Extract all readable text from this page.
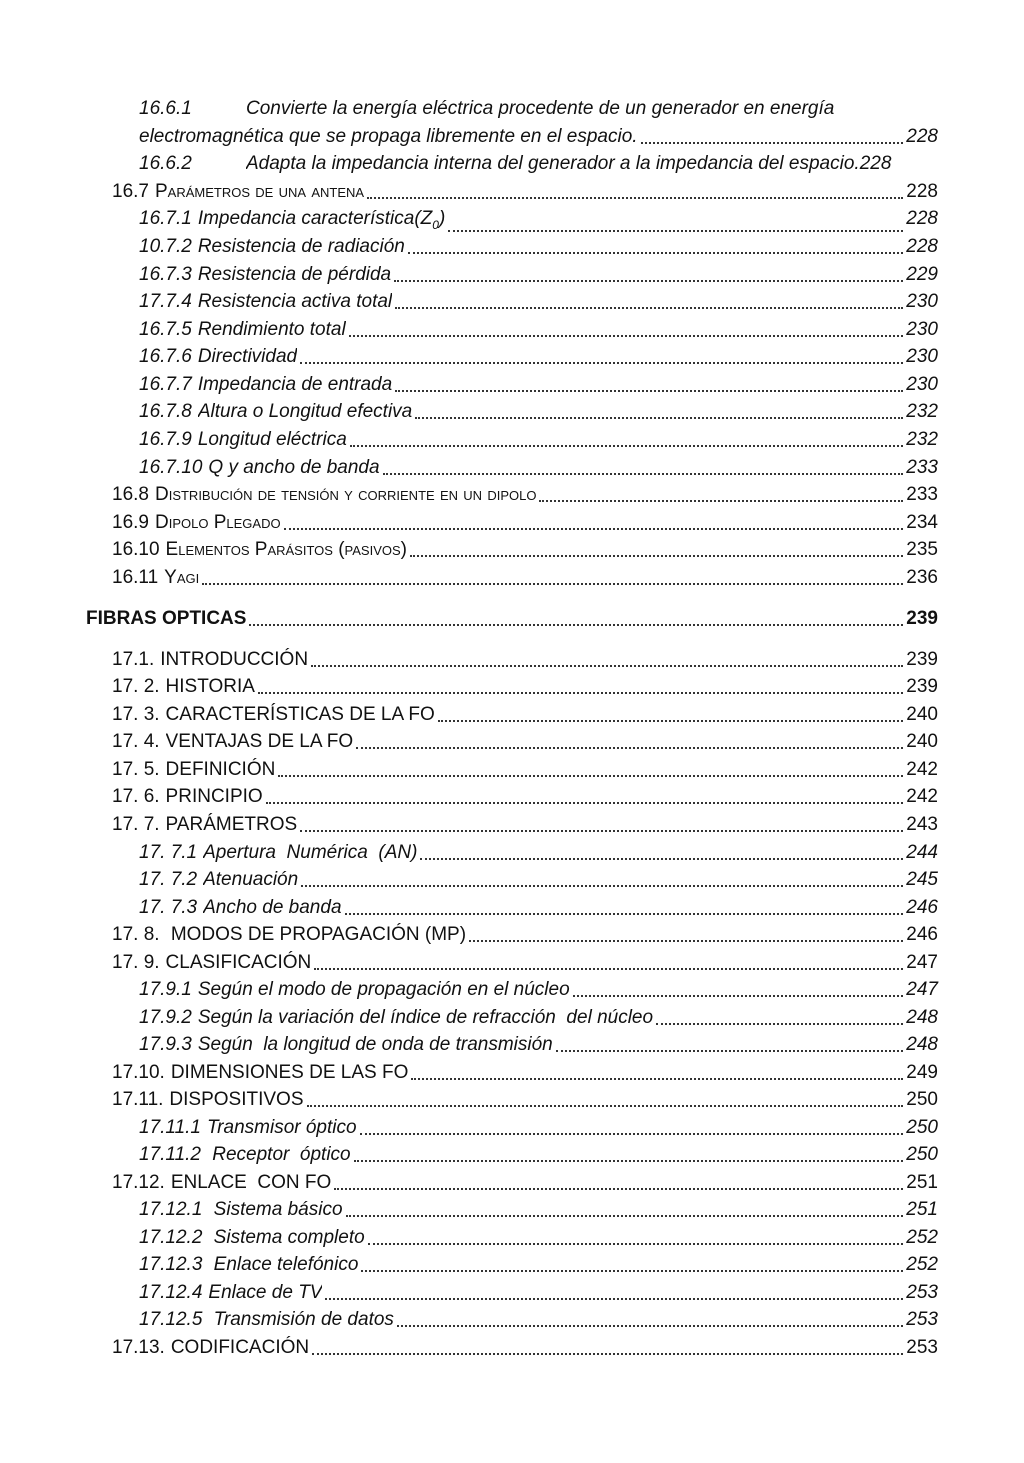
16.6.1	Convierte la energía eléctrica procedente de un generador en energía
electromagnética que se propaga libremente en el espacio.	228
16.6.2	Adapta la impedancia interna del generador a la impedancia del espacio. 228
16.7 Parámetros de una antena	228
16.7.1 Impedancia $característica(Z_0)$	228
10.7.2 Resistencia de radiación	228
16.7.3 Resistencia de pérdida	229
17.7.4 Resistencia activa total	230
16.7.5 Rendimiento total	230
16.7.6 Directividad	230
16.7.7 Impedancia de entrada	230
16.7.8 Altura o Longitud efectiva	232
16.7.9 Longitud eléctrica	232
16.7.10 Q y ancho de banda	233
16.8 Distribución de tensión y corriente en un dipolo	233
16.9 Dipolo Plegado	234
16.10 Elementos Parásitos (pasivos)	235
16.11 Yagi	236
FIBRAS OPTICAS	239
17.1. INTRODUCCIÓN	239
17. 2. HISTORIA	239
17. 3. CARACTERÍSTICAS DE LA FO	240
17. 4. VENTAJAS DE LA FO	240
17. 5. DEFINICIÓN	242
17. 6. PRINCIPIO	242
17. 7. PARÁMETROS	243
17. 7.1 Apertura  Numérica  (AN)	244
17. 7.2 Atenuación	245
17. 7.3 Ancho de banda	246
17. 8. MODOS DE PROPAGACIÓN (MP)	246
17. 9. CLASIFICACIÓN	247
17.9.1 Según el modo de propagación en el núcleo	247
17.9.2 Según la variación del índice de refracción  del núcleo	248
17.9.3 Según  la longitud de onda de transmisión	248
17.10. DIMENSIONES DE LAS FO	249
17.11. DISPOSITIVOS	250
17.11.1 Transmisor óptico	250
17.11.2 Receptor  óptico	250
17.12. ENLACE  CON FO	251
17.12.1 Sistema básico	251
17.12.2 Sistema completo	252
17.12.3 Enlace telefónico	252
17.12.4 Enlace de TV	253
17.12.5 Transmisión de datos	253
17.13. CODIFICACIÓN	253
